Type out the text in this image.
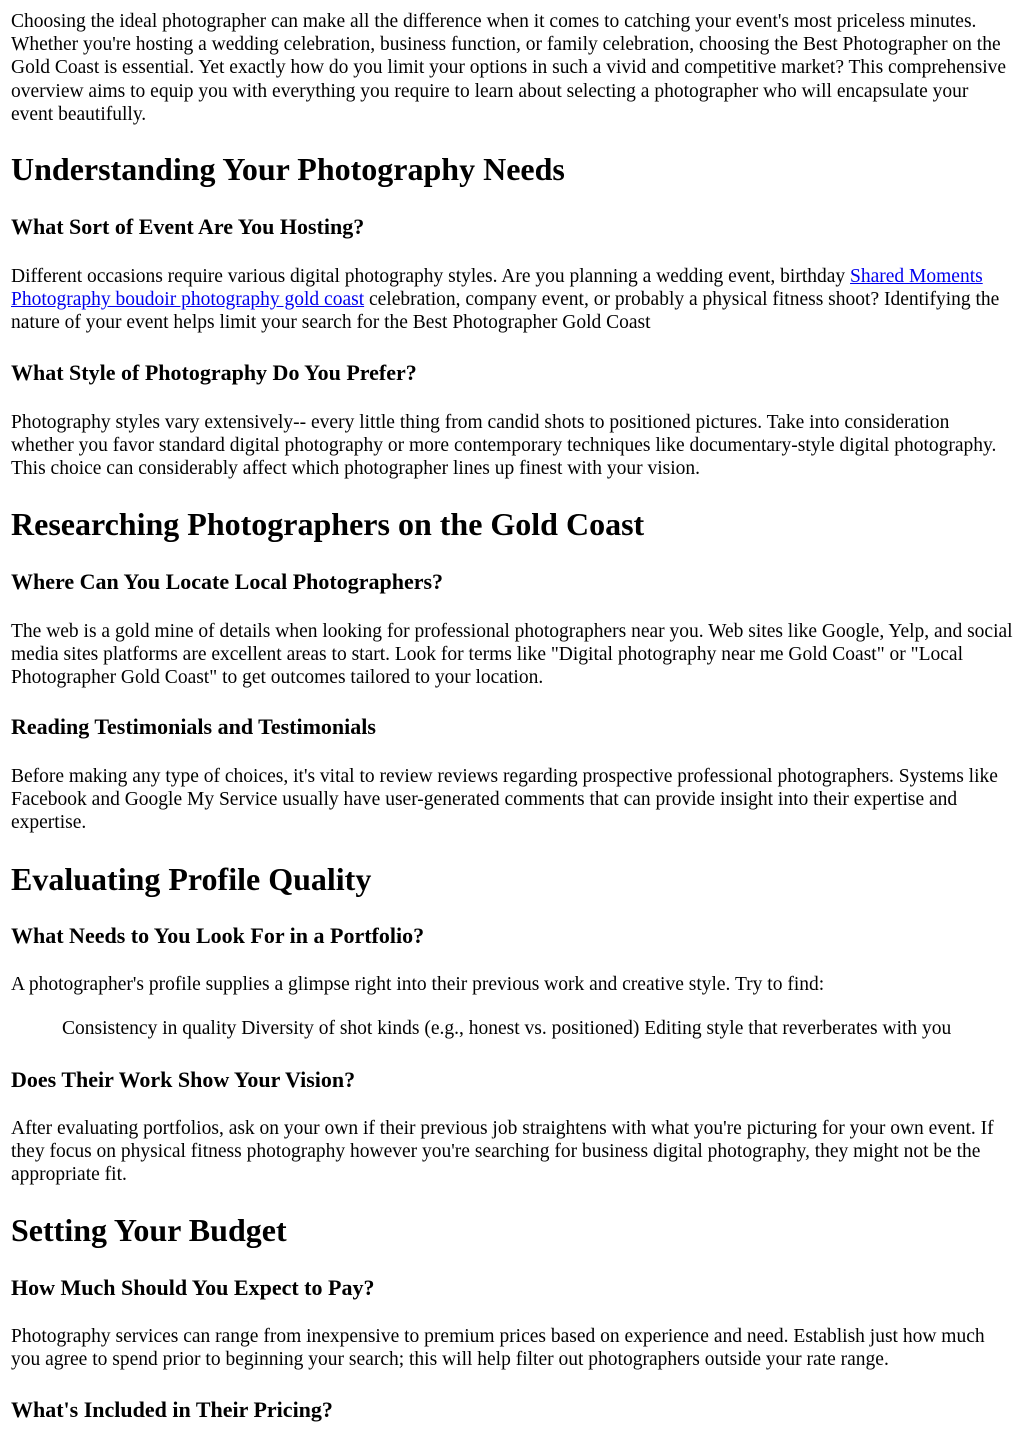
Choosing the ideal photographer can make all the difference when it comes to catching your event's most priceless minutes. Whether you're hosting a wedding celebration, business function, or family celebration, choosing the Best Photographer on the Gold Coast is essential. Yet exactly how do you limit your options in such a vivid and competitive market? This comprehensive overview aims to equip you with everything you require to learn about selecting a photographer who will encapsulate your event beautifully.

Understanding Your Photography Needs
What Sort of Event Are You Hosting?

Different occasions require various digital photography styles. Are you planning a wedding event, birthday Shared Moments Photography boudoir photography gold coast celebration, company event, or probably a physical fitness shoot? Identifying the nature of your event helps limit your search for the Best Photographer Gold Coast

What Style of Photography Do You Prefer?

Photography styles vary extensively-- every little thing from candid shots to positioned pictures. Take into consideration whether you favor standard digital photography or more contemporary techniques like documentary-style digital photography. This choice can considerably affect which photographer lines up finest with your vision.

Researching Photographers on the Gold Coast
Where Can You Locate Local Photographers?

The web is a gold mine of details when looking for professional photographers near you. Web sites like Google, Yelp, and social media sites platforms are excellent areas to start. Look for terms like "Digital photography near me Gold Coast" or "Local Photographer Gold Coast" to get outcomes tailored to your location.

Reading Testimonials and Testimonials

Before making any type of choices, it's vital to review reviews regarding prospective professional photographers. Systems like Facebook and Google My Service usually have user-generated comments that can provide insight into their expertise and expertise.

Evaluating Profile Quality
What Needs to You Look For in a Portfolio?

A photographer's profile supplies a glimpse right into their previous work and creative style. Try to find:

Consistency in quality Diversity of shot kinds (e.g., honest vs. positioned) Editing style that reverberates with you

Does Their Work Show Your Vision?

After evaluating portfolios, ask on your own if their previous job straightens with what you're picturing for your own event. If they focus on physical fitness photography however you're searching for business digital photography, they might not be the appropriate fit.

Setting Your Budget
How Much Should You Expect to Pay?

Photography services can range from inexpensive to premium prices based on experience and need. Establish just how much you agree to spend prior to beginning your search; this will help filter out photographers outside your rate range.

What's Included in Their Pricing?
